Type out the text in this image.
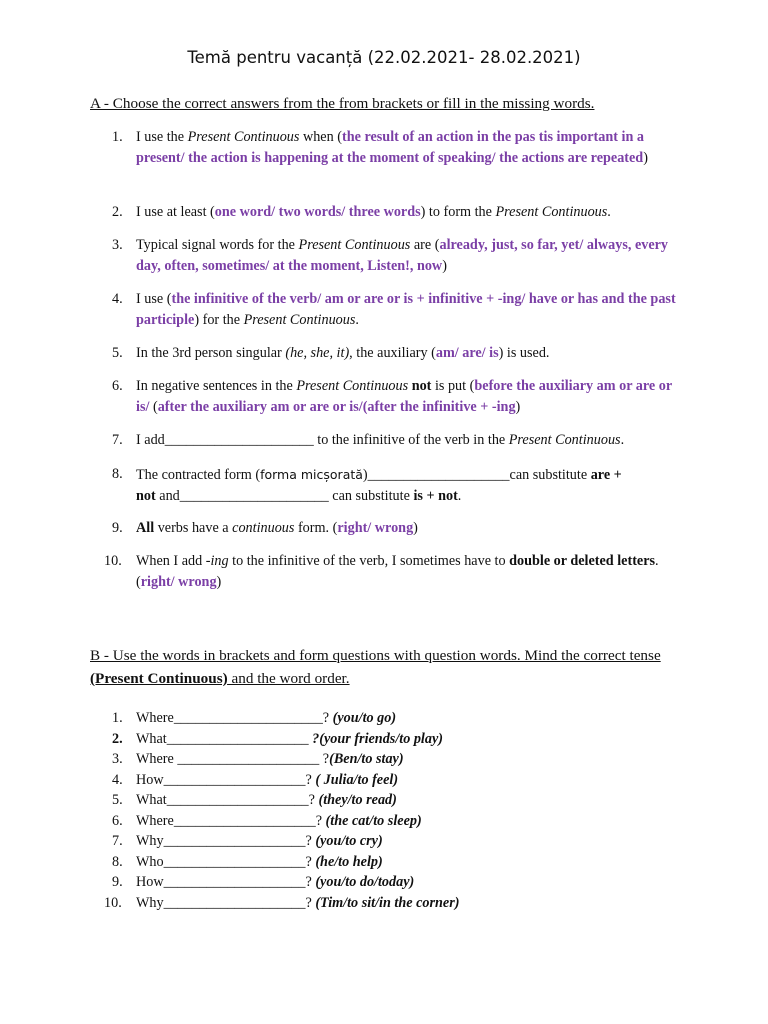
Temă pentru vacanță (22.02.2021- 28.02.2021)
A - Choose the correct answers from the from brackets or fill in the missing words.
1. I use the Present Continuous when (the result of an action in the pas tis important in a present/ the action is happening at the moment of speaking/ the actions are repeated)
2. I use at least (one word/ two words/ three words) to form the Present Continuous.
3. Typical signal words for the Present Continuous are (already, just, so far, yet/ always, every day, often, sometimes/ at the moment, Listen!, now)
4. I use (the infinitive of the verb/ am or are or is + infinitive + -ing/ have or has and the past participle) for the Present Continuous.
5. In the 3rd person singular (he, she, it), the auxiliary (am/ are/ is) is used.
6. In negative sentences in the Present Continuous not is put (before the auxiliary am or are or is/ (after the auxiliary am or are or is/(after the infinitive + -ing)
7. I add_____________________ to the infinitive of the verb in the Present Continuous.
8. The contracted form (forma micșorată)____________________can substitute are +
not and_____________________ can substitute is + not.
9. All verbs have a continuous form. (right/ wrong)
10. When I add -ing to the infinitive of the verb, I sometimes have to double or deleted letters. (right/ wrong)
B - Use the words in brackets and form questions with question words. Mind the correct tense (Present Continuous) and the word order.
1. Where_____________________? (you/to go)
2. What____________________ ?(your friends/to play)
3. Where ____________________ ?(Ben/to stay)
4. How____________________? ( Julia/to feel)
5. What____________________? (they/to read)
6. Where____________________? (the cat/to sleep)
7. Why____________________? (you/to cry)
8. Who____________________? (he/to help)
9. How____________________? (you/to do/today)
10. Why____________________? (Tim/to sit/in the corner)
